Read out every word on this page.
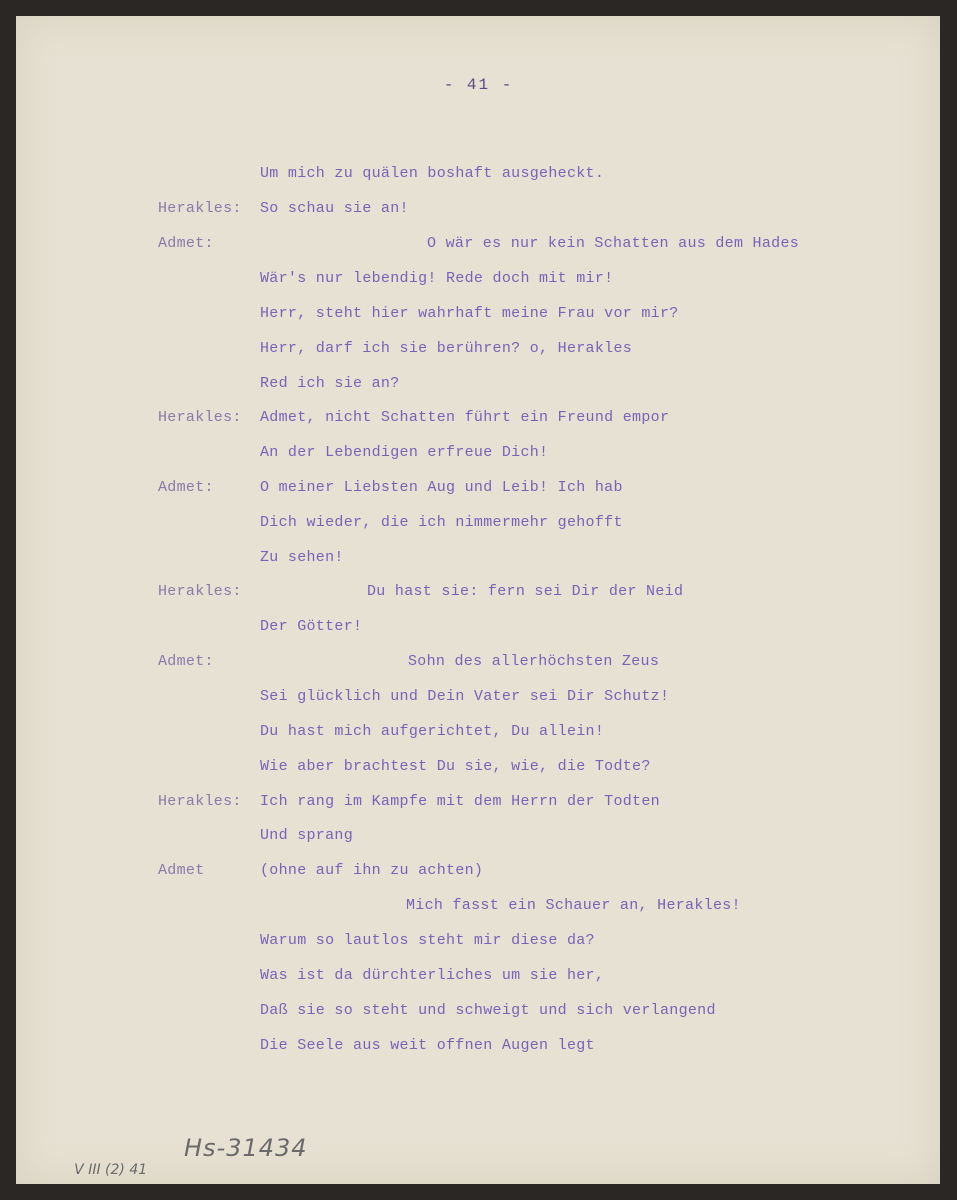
- 41 -
Um mich zu quälen boshaft ausgeheckt.
Herakles: So schau sie an!
Admet:	O wär es nur kein Schatten aus dem Hades
Wär's nur lebendig! Rede doch mit mir!
Herr, steht hier wahrhaft meine Frau vor mir?
Herr, darf ich sie berühren? o, Herakles
Red ich sie an?
Herakles: Admet, nicht Schatten führt ein Freund empor
An der Lebendigen erfreue Dich!
Admet:	O meiner Liebsten Aug und Leib! Ich hab
Dich wieder, die ich nimmermehr gehofft
Zu sehen!
Herakles:	Du hast sie: fern sei Dir der Neid
Der Götter!
Admet:	Sohn des allerhöchsten Zeus
Sei glücklich und Dein Vater sei Dir Schutz!
Du hast mich aufgerichtet, Du allein!
Wie aber brachtest Du sie, wie, die Todte?
Herakles: Ich rang im Kampfe mit dem Herrn der Todten
Und sprang
Admet	(ohne auf ihn zu achten)
Mich fasst ein Schauer an, Herakles!
Warum so lautlos steht mir diese da?
Was ist da dürchterliches um sie her,
Daß sie so steht und schweigt und sich verlangend
Die Seele aus weit offnen Augen legt

V III (2) 41

Hs-31434
